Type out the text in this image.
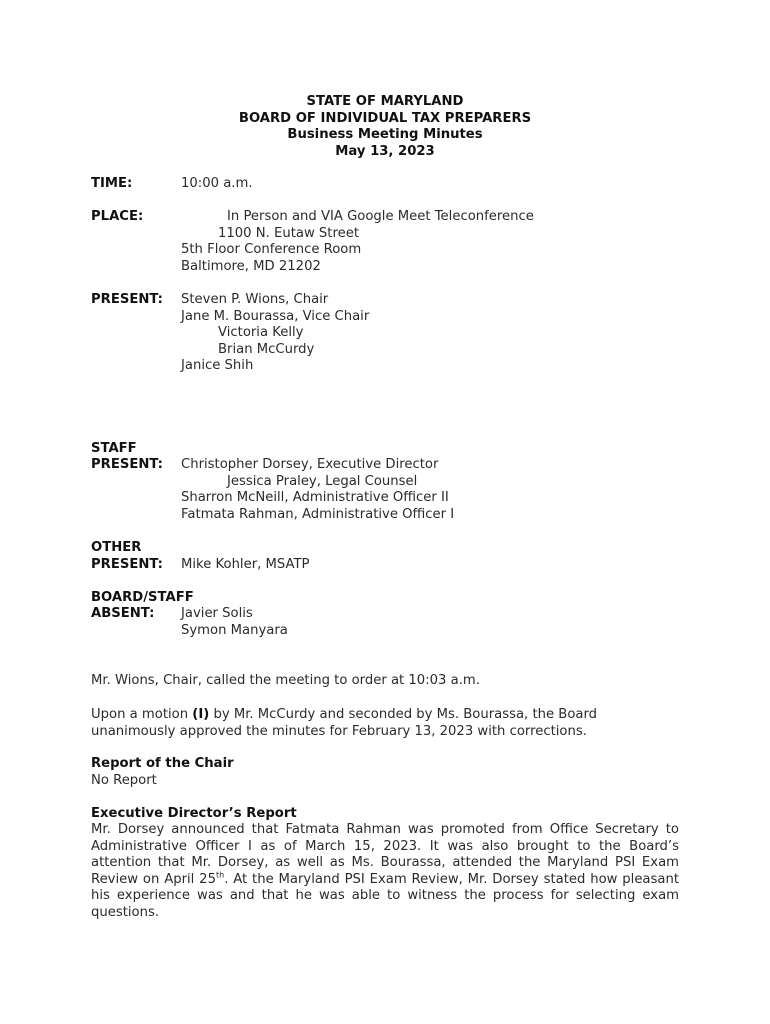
STATE OF MARYLAND
BOARD OF INDIVIDUAL TAX PREPARERS
Business Meeting Minutes
May 13, 2023
TIME:	10:00 a.m.
PLACE:	In Person and VIA Google Meet Teleconference
1100 N. Eutaw Street
5th Floor Conference Room
Baltimore, MD 21202
PRESENT: Steven P. Wions, Chair
Jane M. Bourassa, Vice Chair
Victoria Kelly
Brian McCurdy
Janice Shih
STAFF
PRESENT: Christopher Dorsey, Executive Director
Jessica Praley, Legal Counsel
Sharron McNeill, Administrative Officer II
Fatmata Rahman, Administrative Officer I
OTHER
PRESENT: Mike Kohler, MSATP
BOARD/STAFF
ABSENT: Javier Solis
Symon Manyara
Mr. Wions, Chair, called the meeting to order at 10:03 a.m.
Upon a motion (I) by Mr. McCurdy and seconded by Ms. Bourassa, the Board unanimously approved the minutes for February 13, 2023 with corrections.
Report of the Chair
No Report
Executive Director’s Report
Mr. Dorsey announced that Fatmata Rahman was promoted from Office Secretary to Administrative Officer I as of March 15, 2023. It was also brought to the Board’s attention that Mr. Dorsey, as well as Ms. Bourassa, attended the Maryland PSI Exam Review on April 25th. At the Maryland PSI Exam Review, Mr. Dorsey stated how pleasant his experience was and that he was able to witness the process for selecting exam questions.
